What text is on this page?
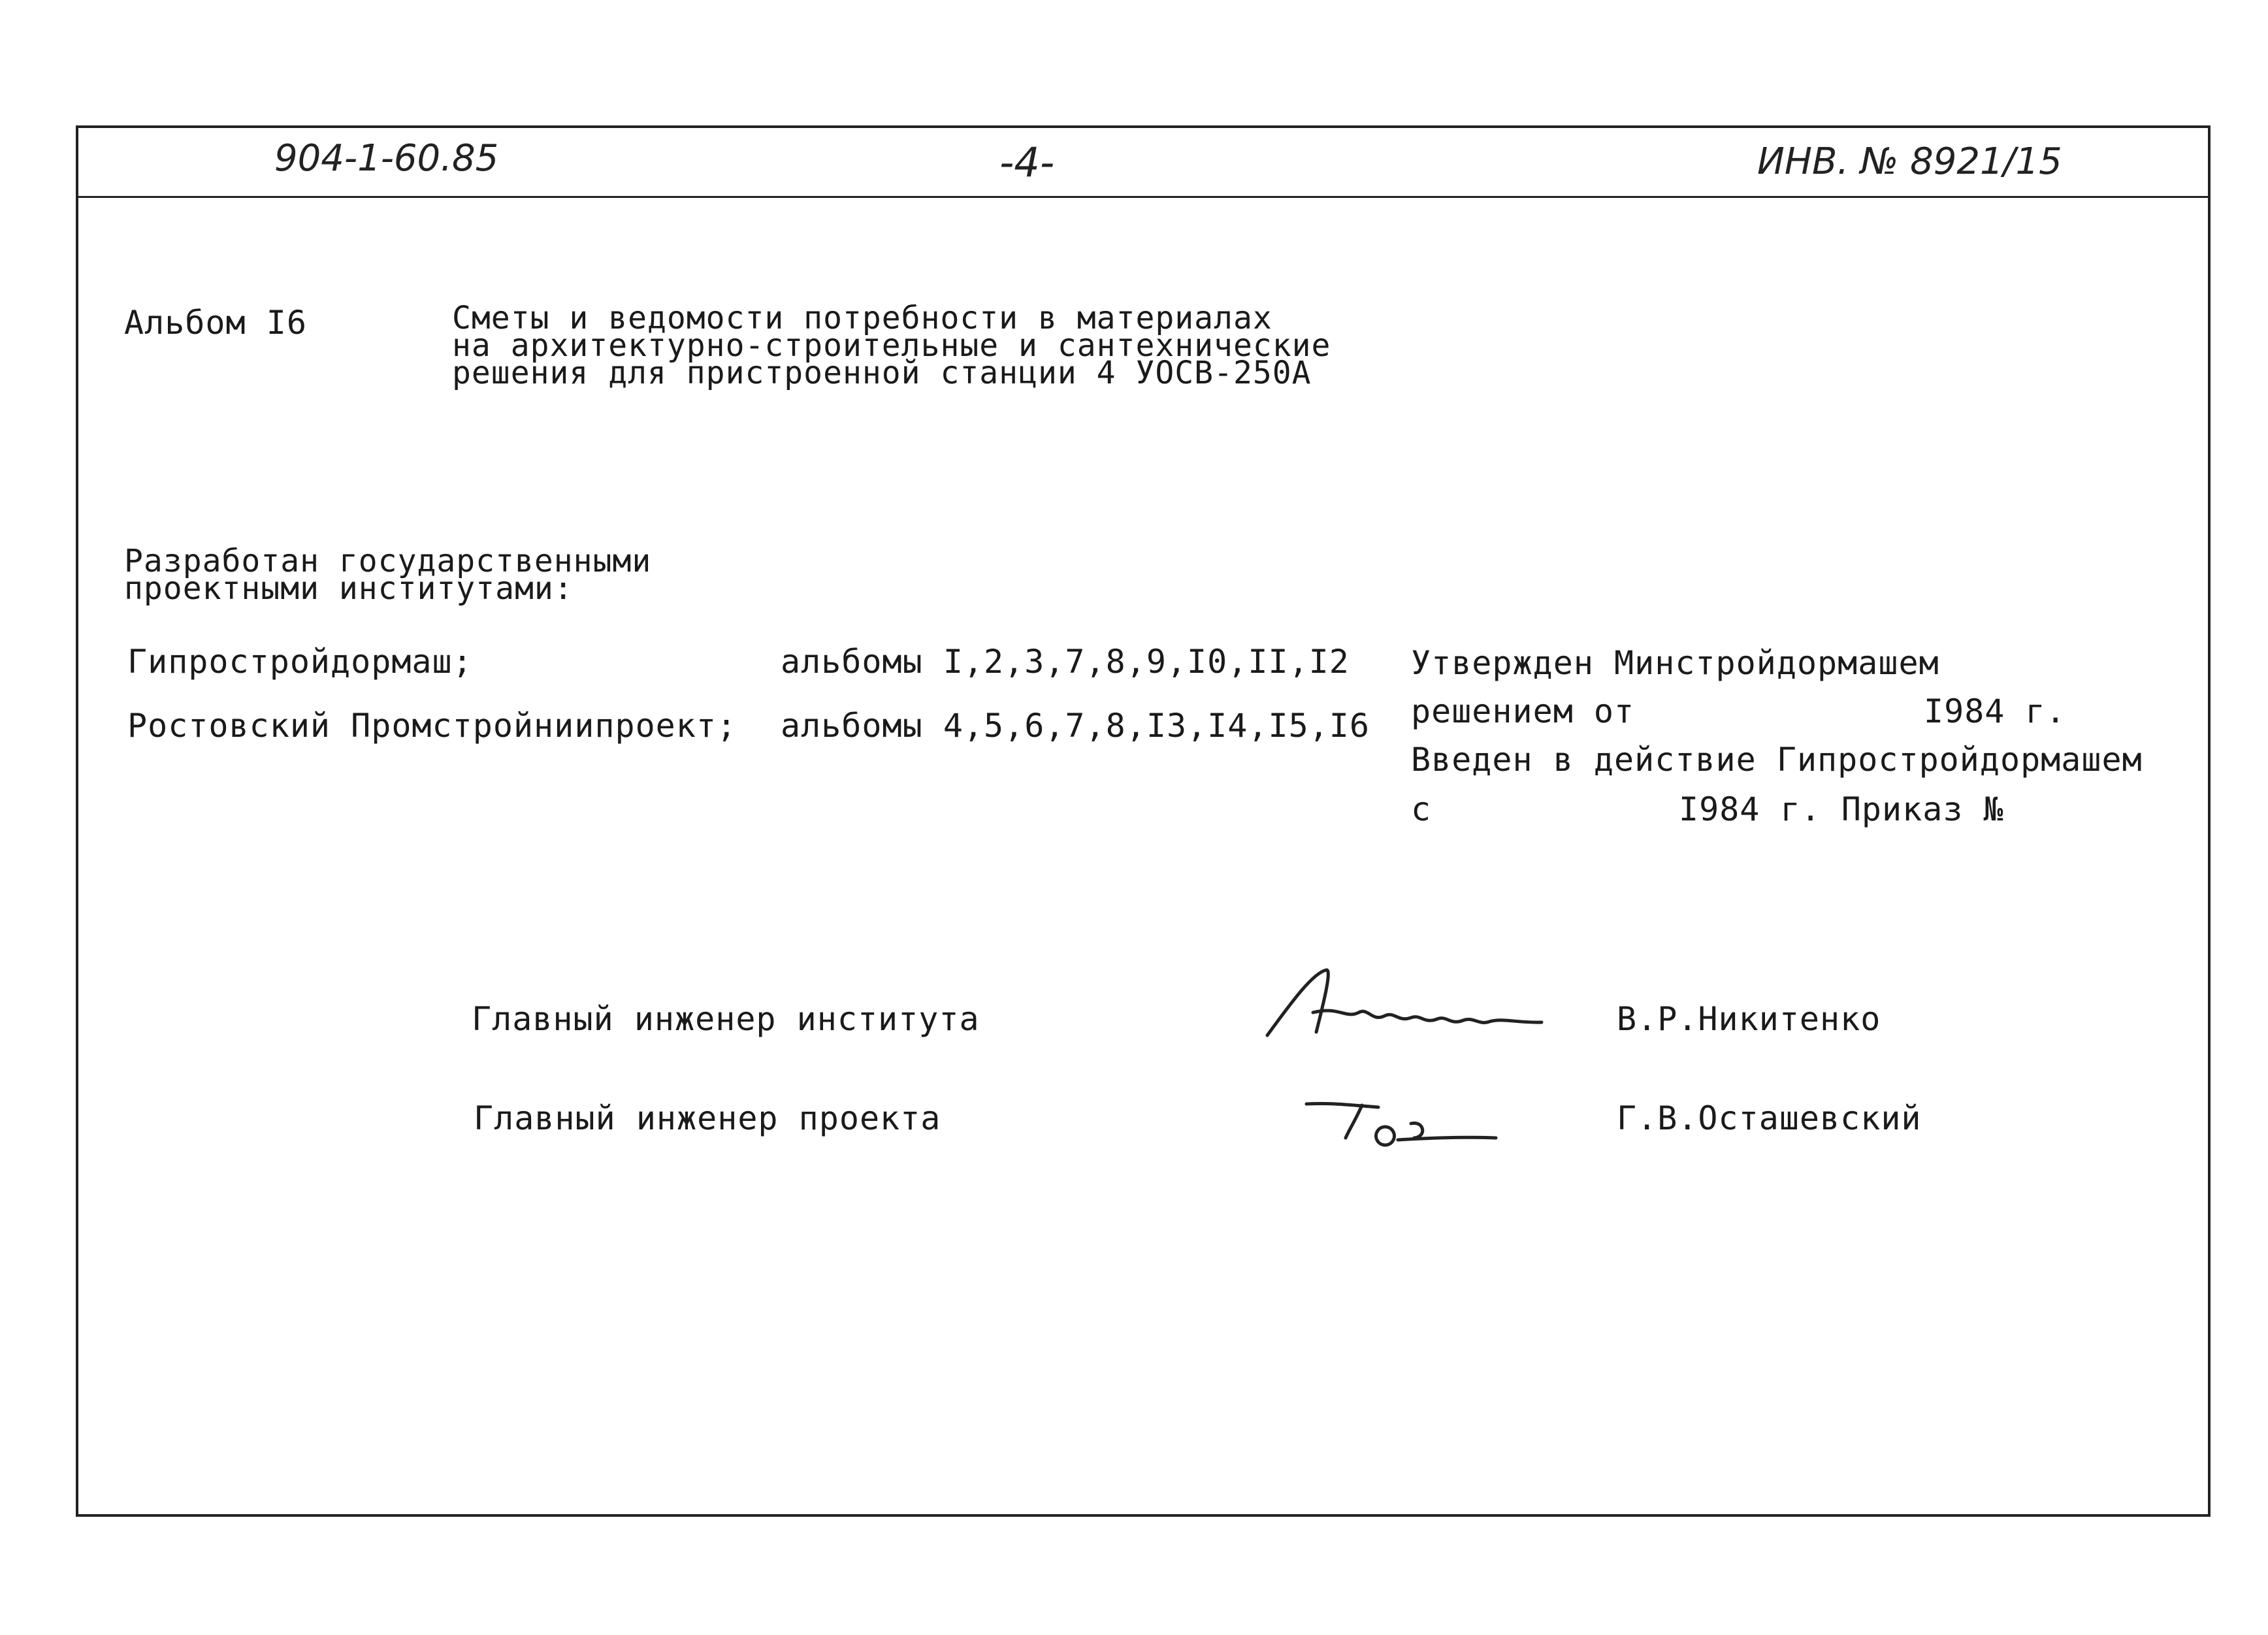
904-1-60.85	-4-	ИНВ. № 8921/15
Альбом I6	Сметы и ведомости потребности в материалах
на архитектурно-строительные и сантехнические
решения для пристроенной станции 4 УОСВ-250А
Разработан государственными
проектными институтами:
Гипростройдормаш;	альбомы I,2,3,7,8,9,I0,II,I2
Ростовский Промстройниипроект; альбомы 4,5,6,7,8,I3,I4,I5,I6
Утвержден Минстройдормашем
решением от	I984 г.
Введен в действие Гипростройдормашем
с	I984 г. Приказ №
Главный инженер института	В.Р.Никитенко
Главный инженер проекта	Г.В.Осташевский
